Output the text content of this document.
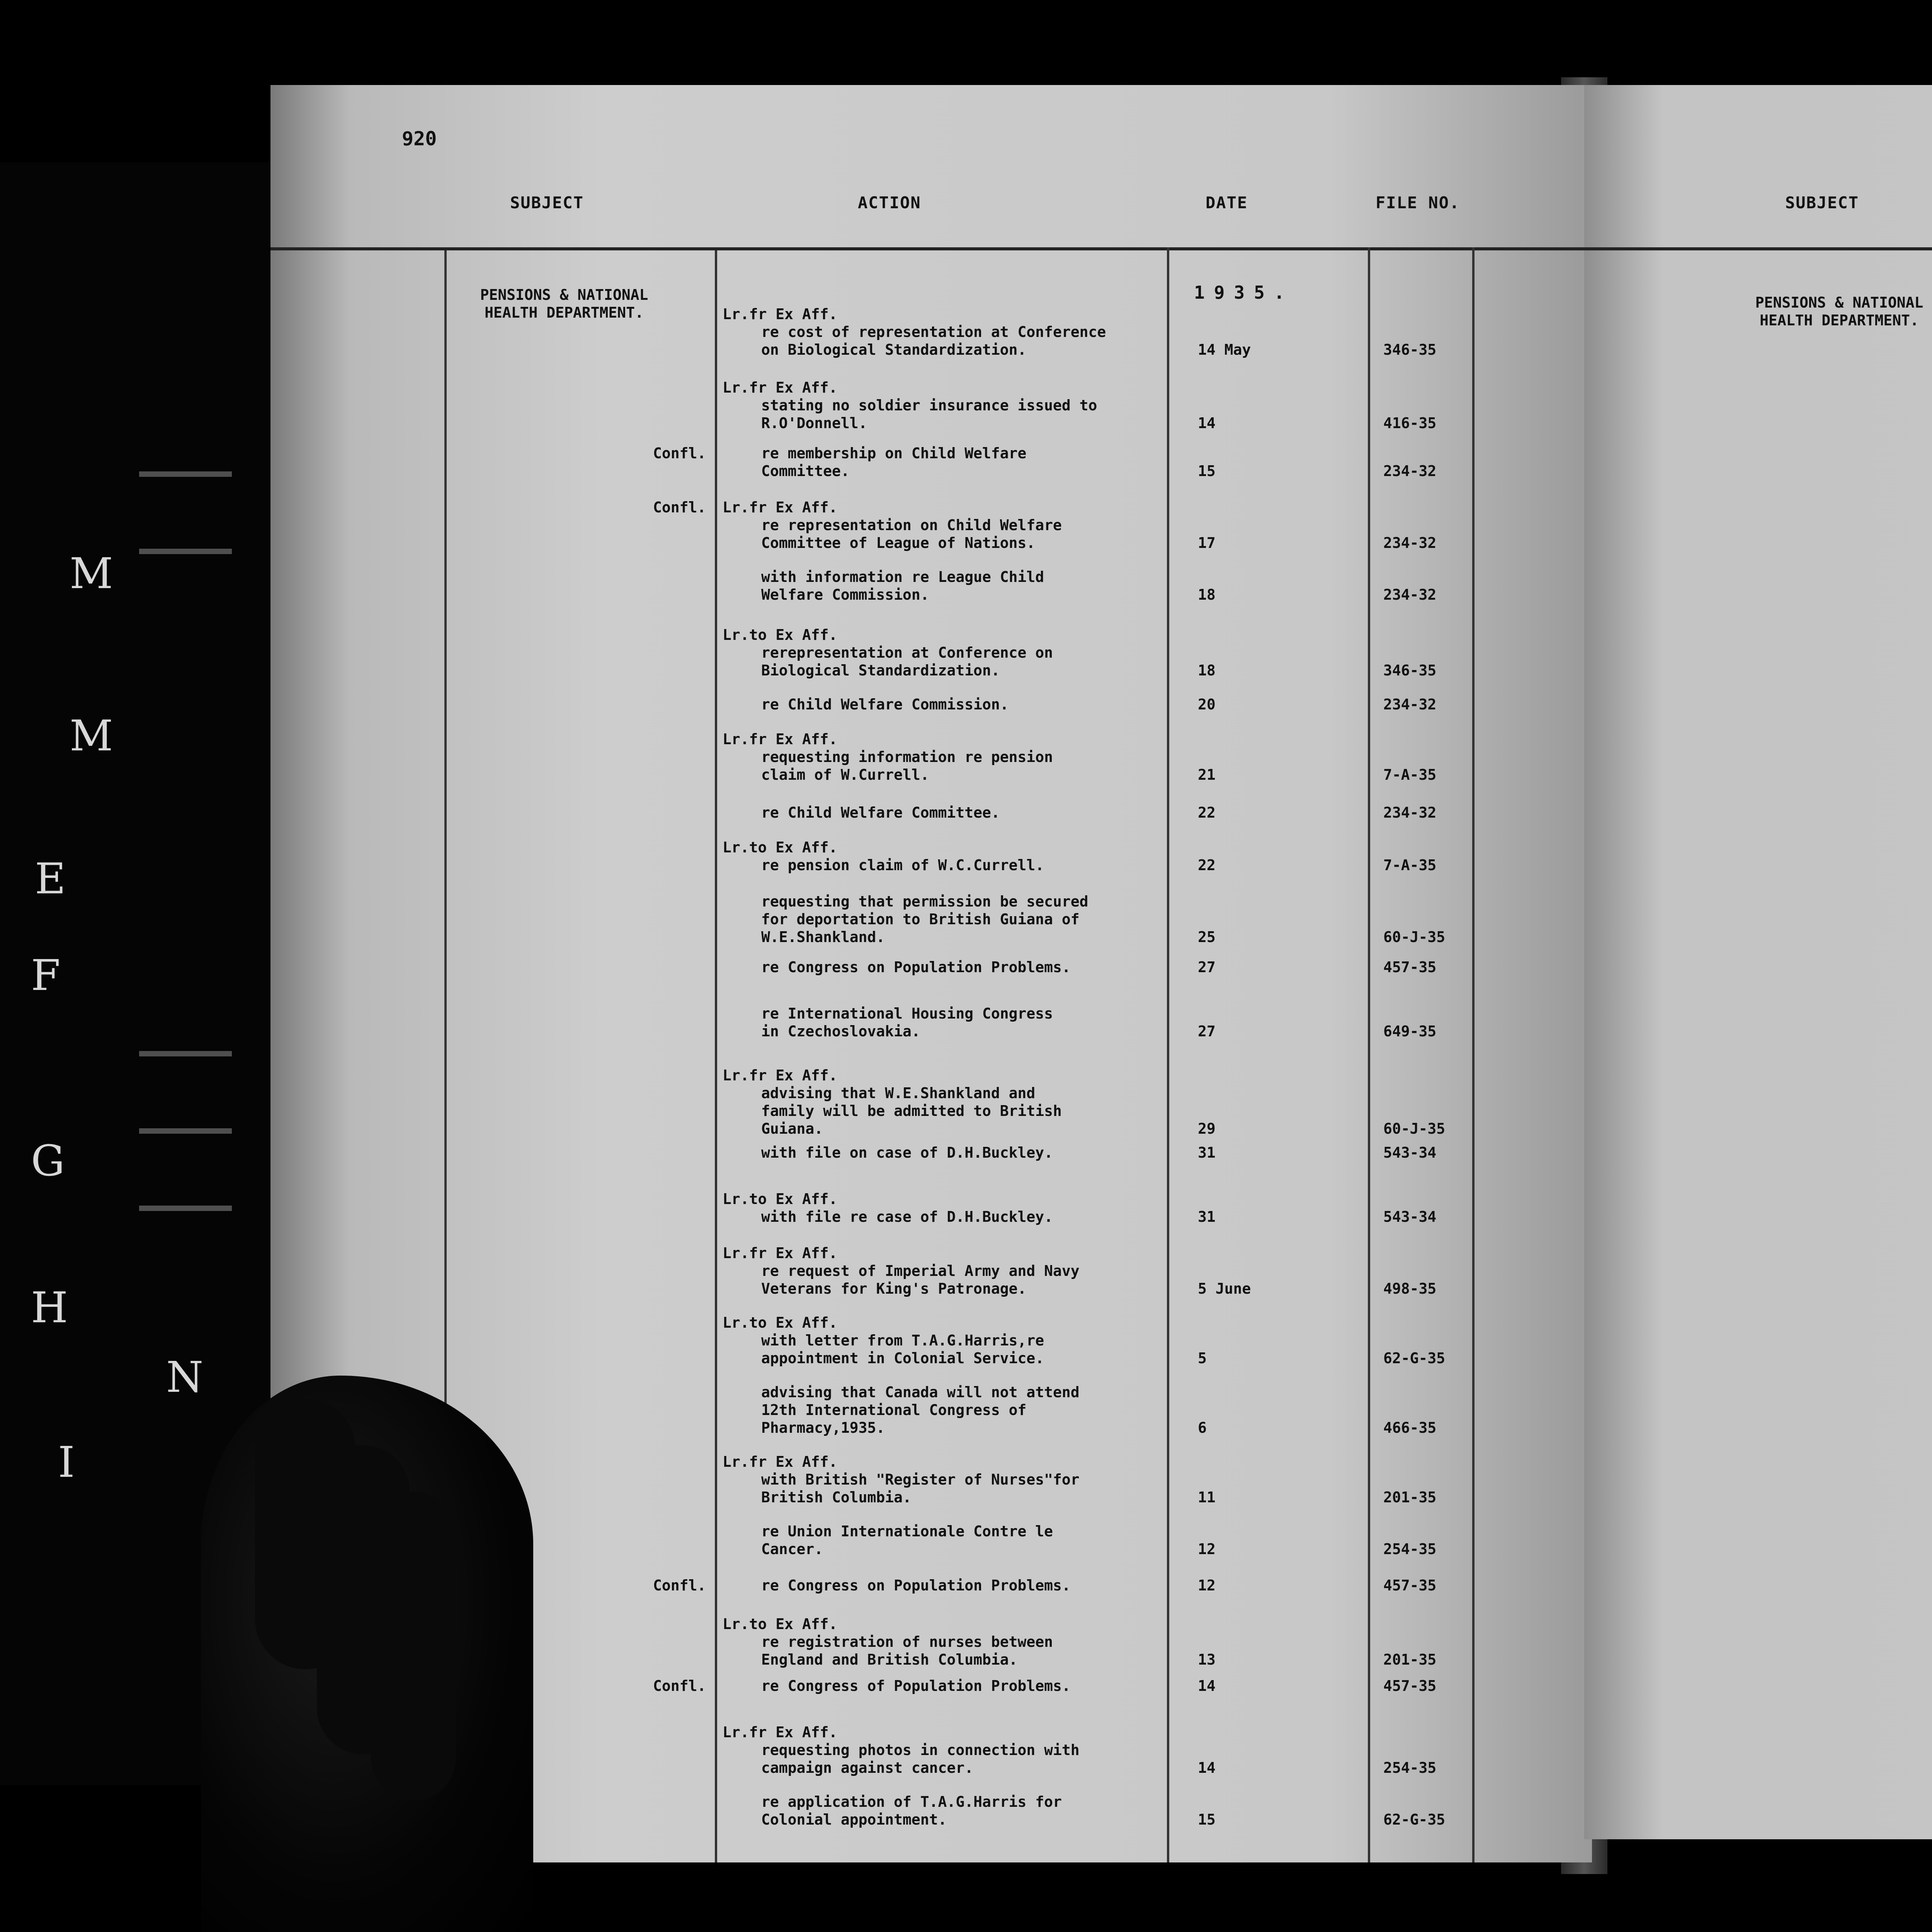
M
M
E
F
G
H
N
I
920
SUBJECT	ACTION	DATE	FILE NO.
PENSIONS & NATIONAL
HEALTH DEPARTMENT.
1935.
Lr.fr Ex Aff.
re cost of representation at Conference
on Biological Standardization.	14 May	346-35
Lr.fr Ex Aff.
stating no soldier insurance issued to
R.O'Donnell.	14	416-35
Confl.	re membership on Child Welfare
Committee.	15	234-32
Confl. Lr.fr Ex Aff.
re representation on Child Welfare
Committee of League of Nations.	17	234-32
with information re League Child
Welfare Commission.	18	234-32
Lr.to Ex Aff.
rerepresentation at Conference on
Biological Standardization.	18	346-35
re Child Welfare Commission.	20	234-32
Lr.fr Ex Aff.
requesting information re pension
claim of W.Currell.	21	7-A-35
re Child Welfare Committee.	22	234-32
Lr.to Ex Aff.
re pension claim of W.C.Currell.	22	7-A-35
requesting that permission be secured
for deportation to British Guiana of
W.E.Shankland.	25	60-J-35
re Congress on Population Problems.	27	457-35
re International Housing Congress
in Czechoslovakia.	27	649-35
Lr.fr Ex Aff.
advising that W.E.Shankland and
family will be admitted to British
Guiana.	29	60-J-35
with file on case of D.H.Buckley.	31	543-34
Lr.to Ex Aff.
with file re case of D.H.Buckley.	31	543-34
Lr.fr Ex Aff.
re request of Imperial Army and Navy
Veterans for King's Patronage.	5 June	498-35
Lr.to Ex Aff.
with letter from T.A.G.Harris,re
appointment in Colonial Service.	5	62-G-35
advising that Canada will not attend
12th International Congress of
Pharmacy,1935.	6	466-35
Lr.fr Ex Aff.
with British "Register of Nurses"for
British Columbia.	11	201-35
re Union Internationale Contre le
Cancer.	12	254-35
Confl.	re Congress on Population Problems.	12	457-35
Lr.to Ex Aff.
re registration of nurses between
England and British Columbia.	13	201-35
Confl.	re Congress of Population Problems.	14	457-35
Lr.fr Ex Aff.
requesting photos in connection with
campaign against cancer.	14	254-35
re application of T.A.G.Harris for
Colonial appointment.	15	62-G-35
SUBJECT
PENSIONS & NATIONAL
HEALTH DEPARTMENT.
